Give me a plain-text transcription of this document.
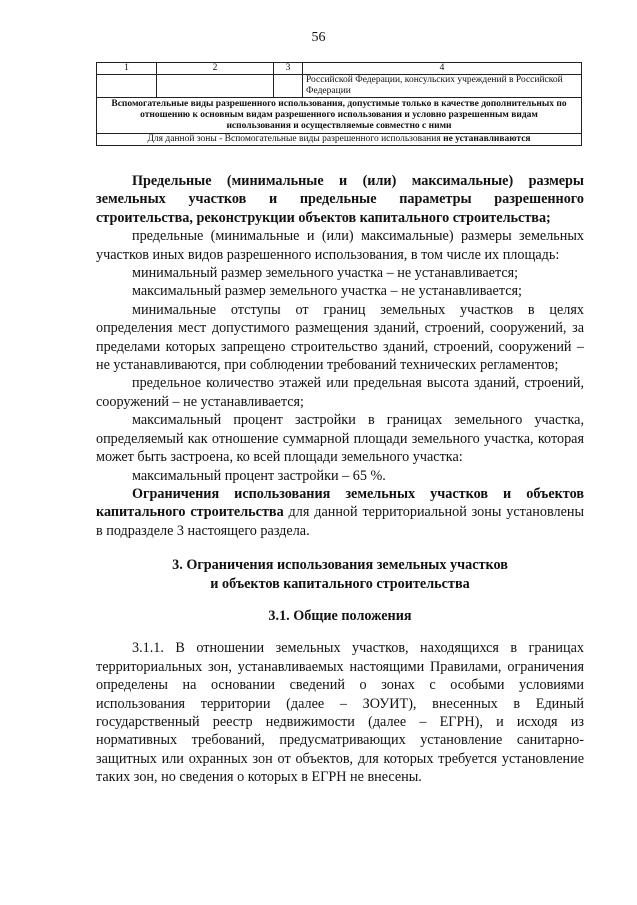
56
1	2	3	4
			Российской Федерации, консульских учреждений в Российской Федерации
Вспомогательные виды разрешенного использования, допустимые только в качестве дополнительных по отношению к основным видам разрешенного использования и условно разрешенным видам использования и осуществляемые совместно с ними			
Для данной зоны - Вспомогательные виды разрешенного использования не устанавливаются			

Предельные (минимальные и (или) максимальные) размеры земельных участков и предельные параметры разрешенного строительства, реконструкции объектов капитального строительства;

предельные (минимальные и (или) максимальные) размеры земельных участков иных видов разрешенного использования, в том числе их площадь:

минимальный размер земельного участка – не устанавливается;

максимальный размер земельного участка – не устанавливается;

минимальные отступы от границ земельных участков в целях определения мест допустимого размещения зданий, строений, сооружений, за пределами которых запрещено строительство зданий, строений, сооружений – не устанавливаются, при соблюдении требований технических регламентов;

предельное количество этажей или предельная высота зданий, строений, сооружений – не устанавливается;

максимальный процент застройки в границах земельного участка, определяемый как отношение суммарной площади земельного участка, которая может быть застроена, ко всей площади земельного участка:

максимальный процент застройки – 65 %.

Ограничения использования земельных участков и объектов капитального строительства для данной территориальной зоны установлены в подразделе 3 настоящего раздела.

3. Ограничения использования земельных участков
и объектов капитального строительства

3.1. Общие положения

3.1.1. В отношении земельных участков, находящихся в границах территориальных зон, устанавливаемых настоящими Правилами, ограничения определены на основании сведений о зонах с особыми условиями использования территории (далее – ЗОУИТ), внесенных в Единый государственный реестр недвижимости (далее – ЕГРН), и исходя из нормативных требований, предусматривающих установление санитарно-защитных или охранных зон от объектов, для которых требуется установление таких зон, но сведения о которых в ЕГРН не внесены.
